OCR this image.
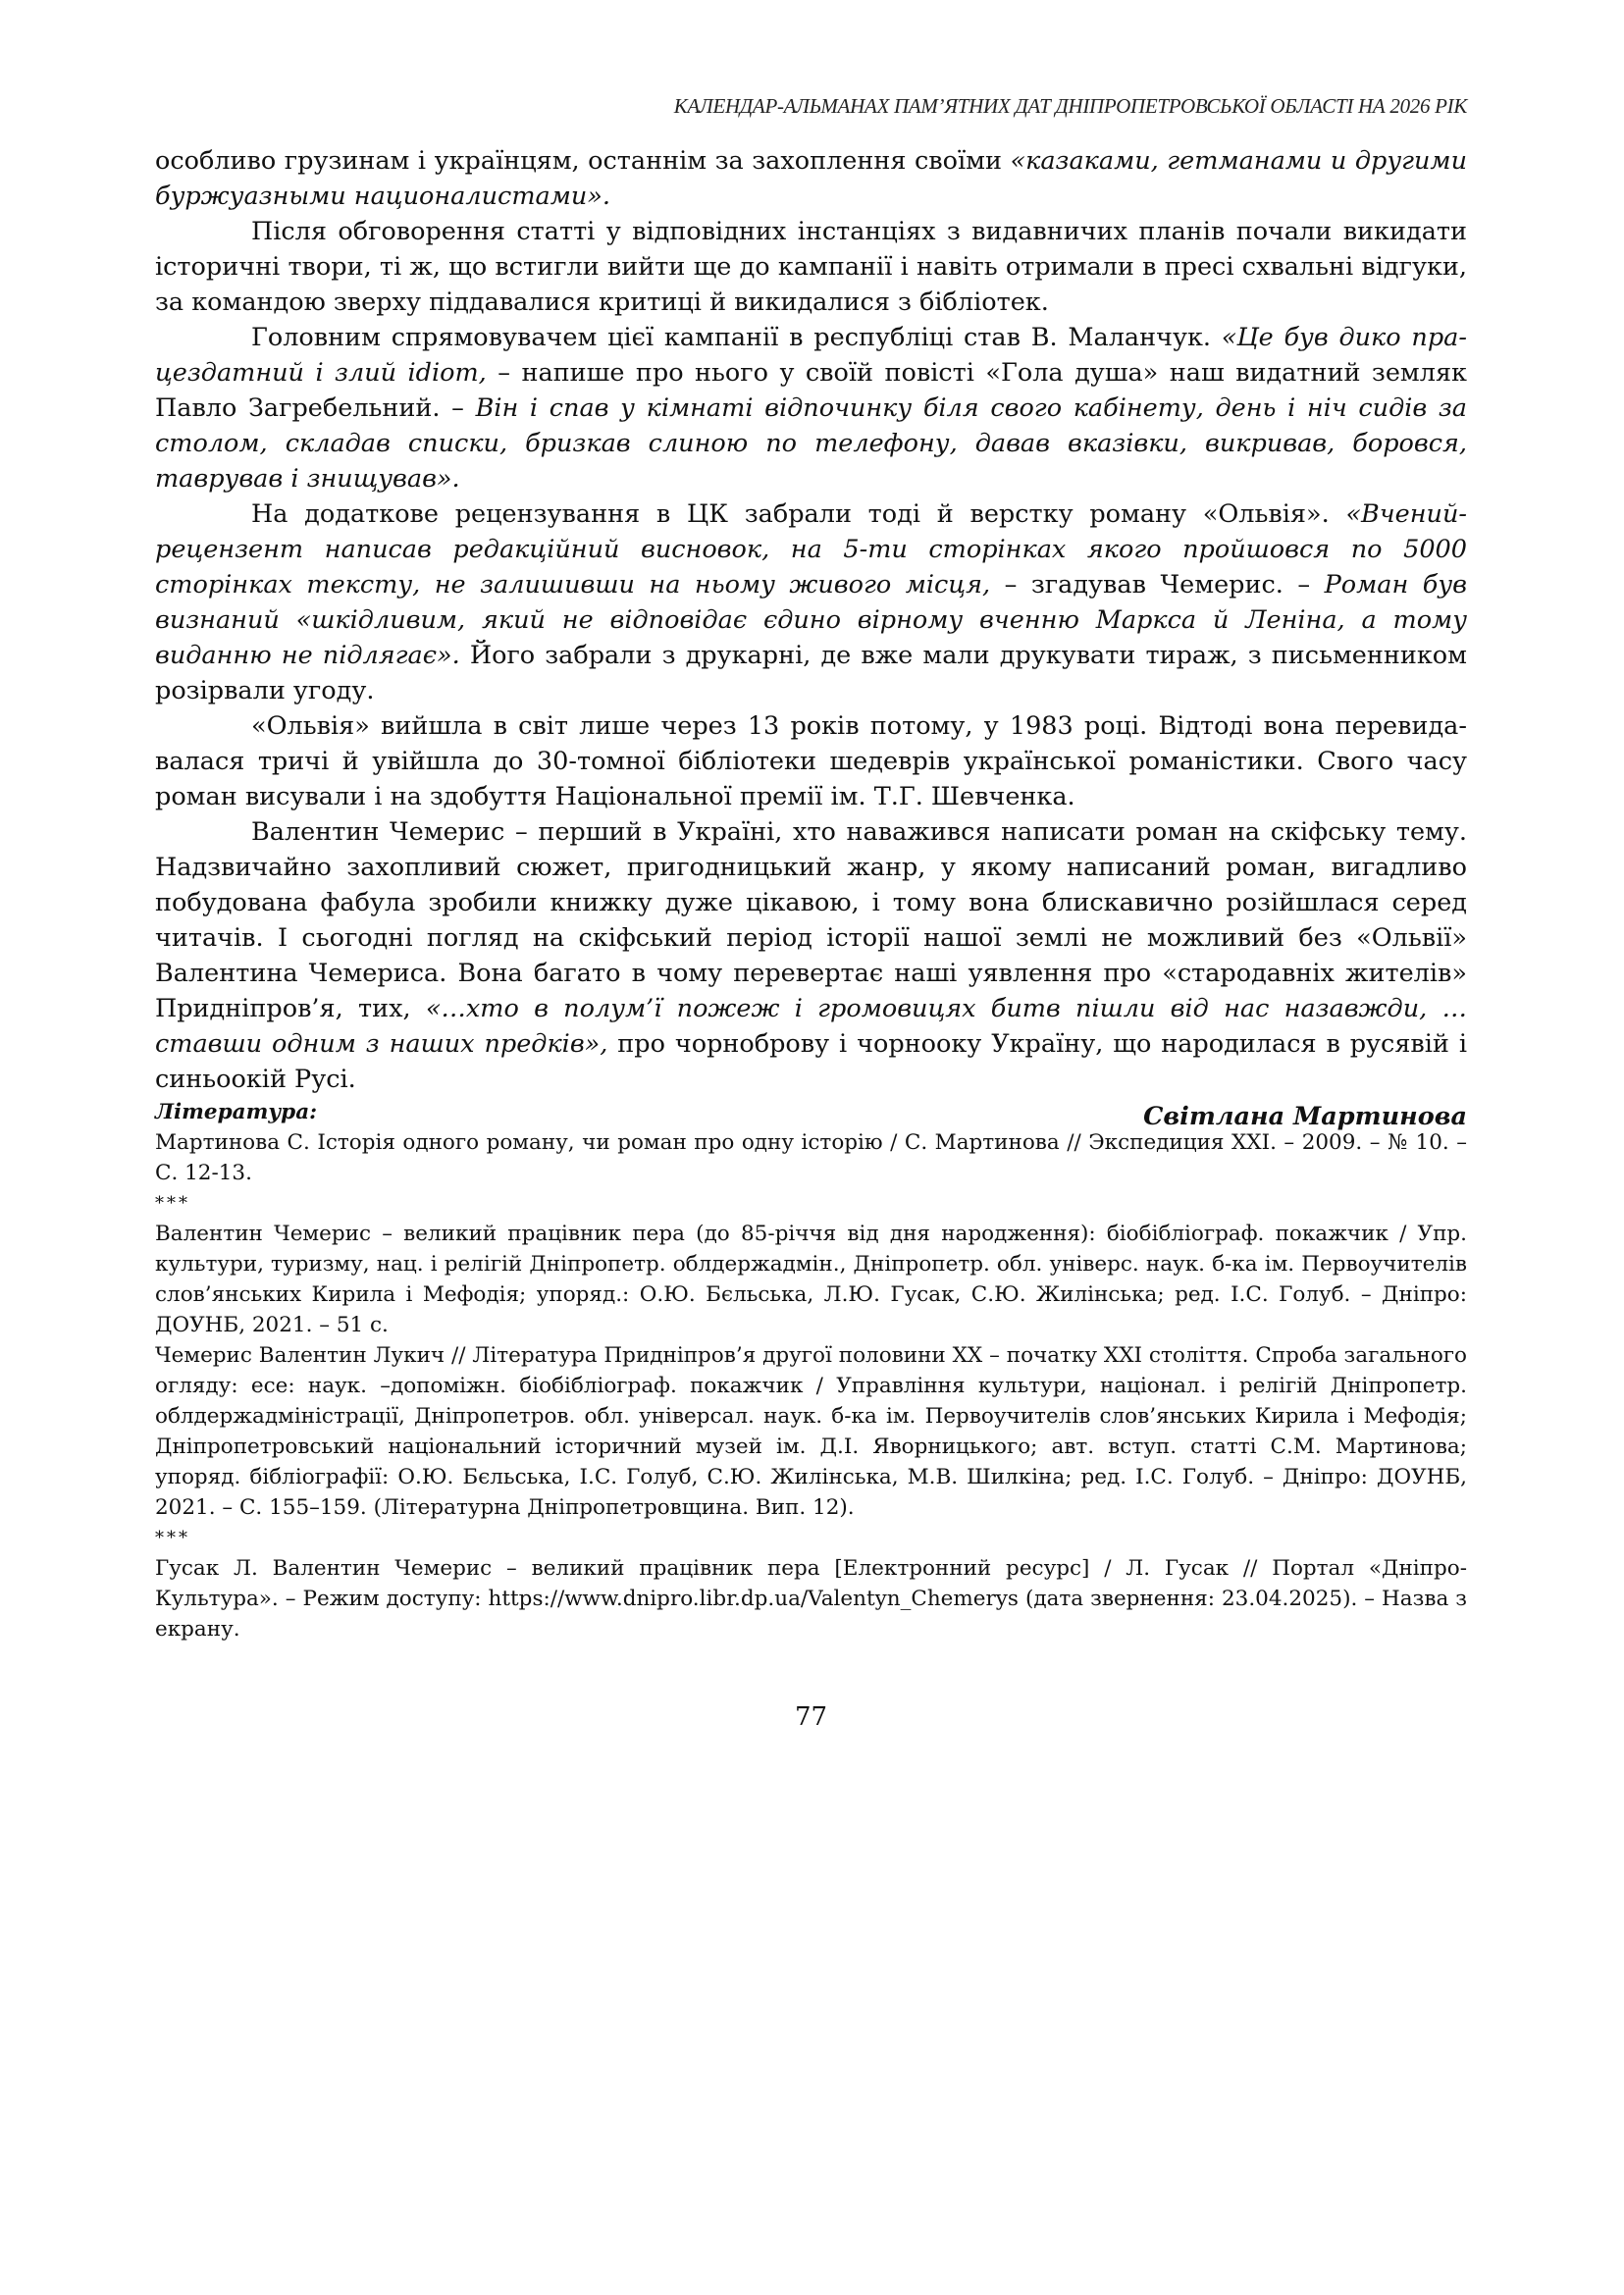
КАЛЕНДАР-АЛЬМАНАХ ПАМ’ЯТНИХ ДАТ ДНІПРОПЕТРОВСЬКОЇ ОБЛАСТІ НА 2026 РІК

особливо грузинам і українцям, останнім за захоплення своїми «казаками, гетманами и другими буржуазными националистами».

Після обговорення статті у відповідних інстанціях з видавничих планів почали викидати історичні твори, ті ж, що встигли вийти ще до кампанії і навіть отримали в пресі схвальні відгуки, за командою зверху піддавалися критиці й викидалися з бібліотек.

Головним спрямовувачем цієї кампанії в республіці став В. Маланчук. «Це був дико працездатний і злий idiom, – напише про нього у своїй повісті «Гола душа» наш видатний земляк Павло Загребельний. – Він і спав у кімнаті відпочинку біля свого кабінету, день і ніч сидів за столом, складав списки, бризкав слиною по телефону, давав вказівки, викривав, боровся, таврував і знищував».

На додаткове рецензування в ЦК забрали тоді й верстку роману «Ольвія». «Вчений-рецензент написав редакційний висновок, на 5-ти сторінках якого пройшовся по 5000 сторінках тексту, не залишивши на ньому живого місця, – згадував Чемерис. – Роман був визнаний «шкідливим, який не відповідає єдино вірному вченню Маркса й Леніна, а тому виданню не підлягає». Його забрали з друкарні, де вже мали друкувати тираж, з письменником розірвали угоду.

«Ольвія» вийшла в світ лише через 13 років потому, у 1983 році. Відтоді вона перевидавалася тричі й увійшла до 30-томної бібліотеки шедеврів української романістики. Свого часу роман висували і на здобуття Національної премії ім. Т.Г. Шевченка.

Валентин Чемерис – перший в Україні, хто наважився написати роман на скіфську тему. Надзвичайно захопливий сюжет, пригодницький жанр, у якому написаний роман, вигадливо побудована фабула зробили книжку дуже цікавою, і тому вона блискавично розійшлася серед читачів. І сьогодні погляд на скіфський період історії нашої землі не можливий без «Ольвії» Валентина Чемериса. Вона багато в чому перевертає наші уявлення про «стародавніх жителів» Придніпров’я, тих, «…хто в полум’ї пожеж і громовицях битв пішли від нас назавжди, … ставши одним з наших предків», про чорноброву і чорнооку Україну, що народилася в русявій і синьоокій Русі.

Світлана Мартинова

Література:

Мартинова С. Історія одного роману, чи роман про одну історію / С. Мартинова // Экспедиция XXI. – 2009. – № 10. – С. 12-13.

***

Валентин Чемерис – великий працівник пера (до 85-річчя від дня народження): біобібліограф. покажчик / Упр. культури, туризму, нац. і релігій Дніпропетр. облдержадмін., Дніпропетр. обл. універс. наук. б-ка ім. Первоучителів слов’янських Кирила і Мефодія; упоряд.: О.Ю. Бєльська, Л.Ю. Гусак, С.Ю. Жилінська; ред. І.С. Голуб. – Дніпро: ДОУНБ, 2021. – 51 с.

Чемерис Валентин Лукич // Література Придніпров’я другої половини XX – початку XXI століття. Спроба загального огляду: есе: наук. –допоміжн. біобібліограф. покажчик / Управління культури, націонал. і релігій Дніпропетр. облдержадміністрації, Дніпропетров. обл. універсал. наук. б-ка ім. Первоучителів слов’янських Кирила і Мефодія; Дніпропетровський національний історичний музей ім. Д.І. Яворницького; авт. вступ. статті С.М. Мартинова; упоряд. бібліографії: О.Ю. Бєльська, І.С. Голуб, С.Ю. Жилінська, М.В. Шилкіна; ред. І.С. Голуб. – Дніпро: ДОУНБ, 2021. – С. 155–159. (Літературна Дніпропетровщина. Вип. 12).

***

Гусак Л. Валентин Чемерис – великий працівник пера [Електронний ресурс] / Л. Гусак // Портал «Дніпро-Культура». – Режим доступу: https://www.dnipro.libr.dp.ua/Valentyn_Chemerys (дата звернення: 23.04.2025). – Назва з екрану.

77
